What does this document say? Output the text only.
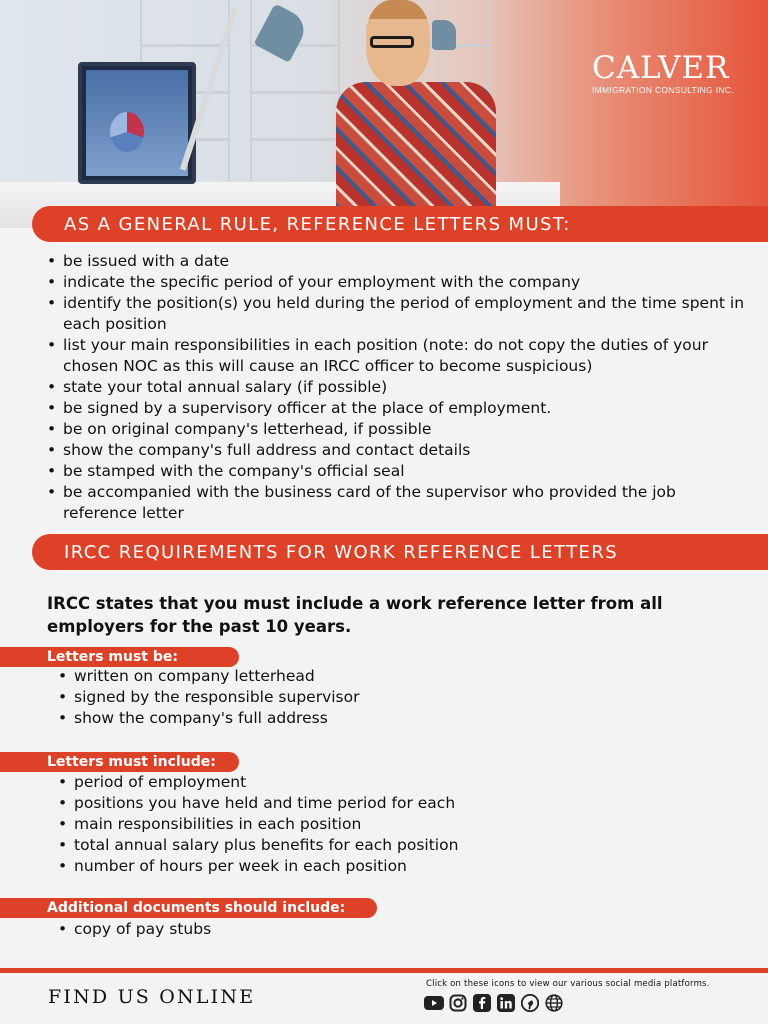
CALVER
IMMIGRATION CONSULTING INC.
AS A GENERAL RULE, REFERENCE LETTERS MUST:
• be issued with a date
• indicate the specific period of your employment with the company
• identify the position(s) you held during the period of employment and the time spent in each position
• list your main responsibilities in each position (note: do not copy the duties of your chosen NOC as this will cause an IRCC officer to become suspicious)
• state your total annual salary (if possible)
• be signed by a supervisory officer at the place of employment.
• be on original company's letterhead, if possible
• show the company's full address and contact details
• be stamped with the company's official seal
• be accompanied with the business card of the supervisor who provided the job reference letter
IRCC REQUIREMENTS FOR WORK REFERENCE LETTERS

IRCC states that you must include a work reference letter from all employers for the past 10 years.

Letters must be:
• written on company letterhead
• signed by the responsible supervisor
• show the company's full address
Letters must include:
• period of employment
• positions you have held and time period for each
• main responsibilities in each position
• total annual salary plus benefits for each position
• number of hours per week in each position
Additional documents should include:
• copy of pay stubs
FIND US ONLINE
Click on these icons to view our various social media platforms.
